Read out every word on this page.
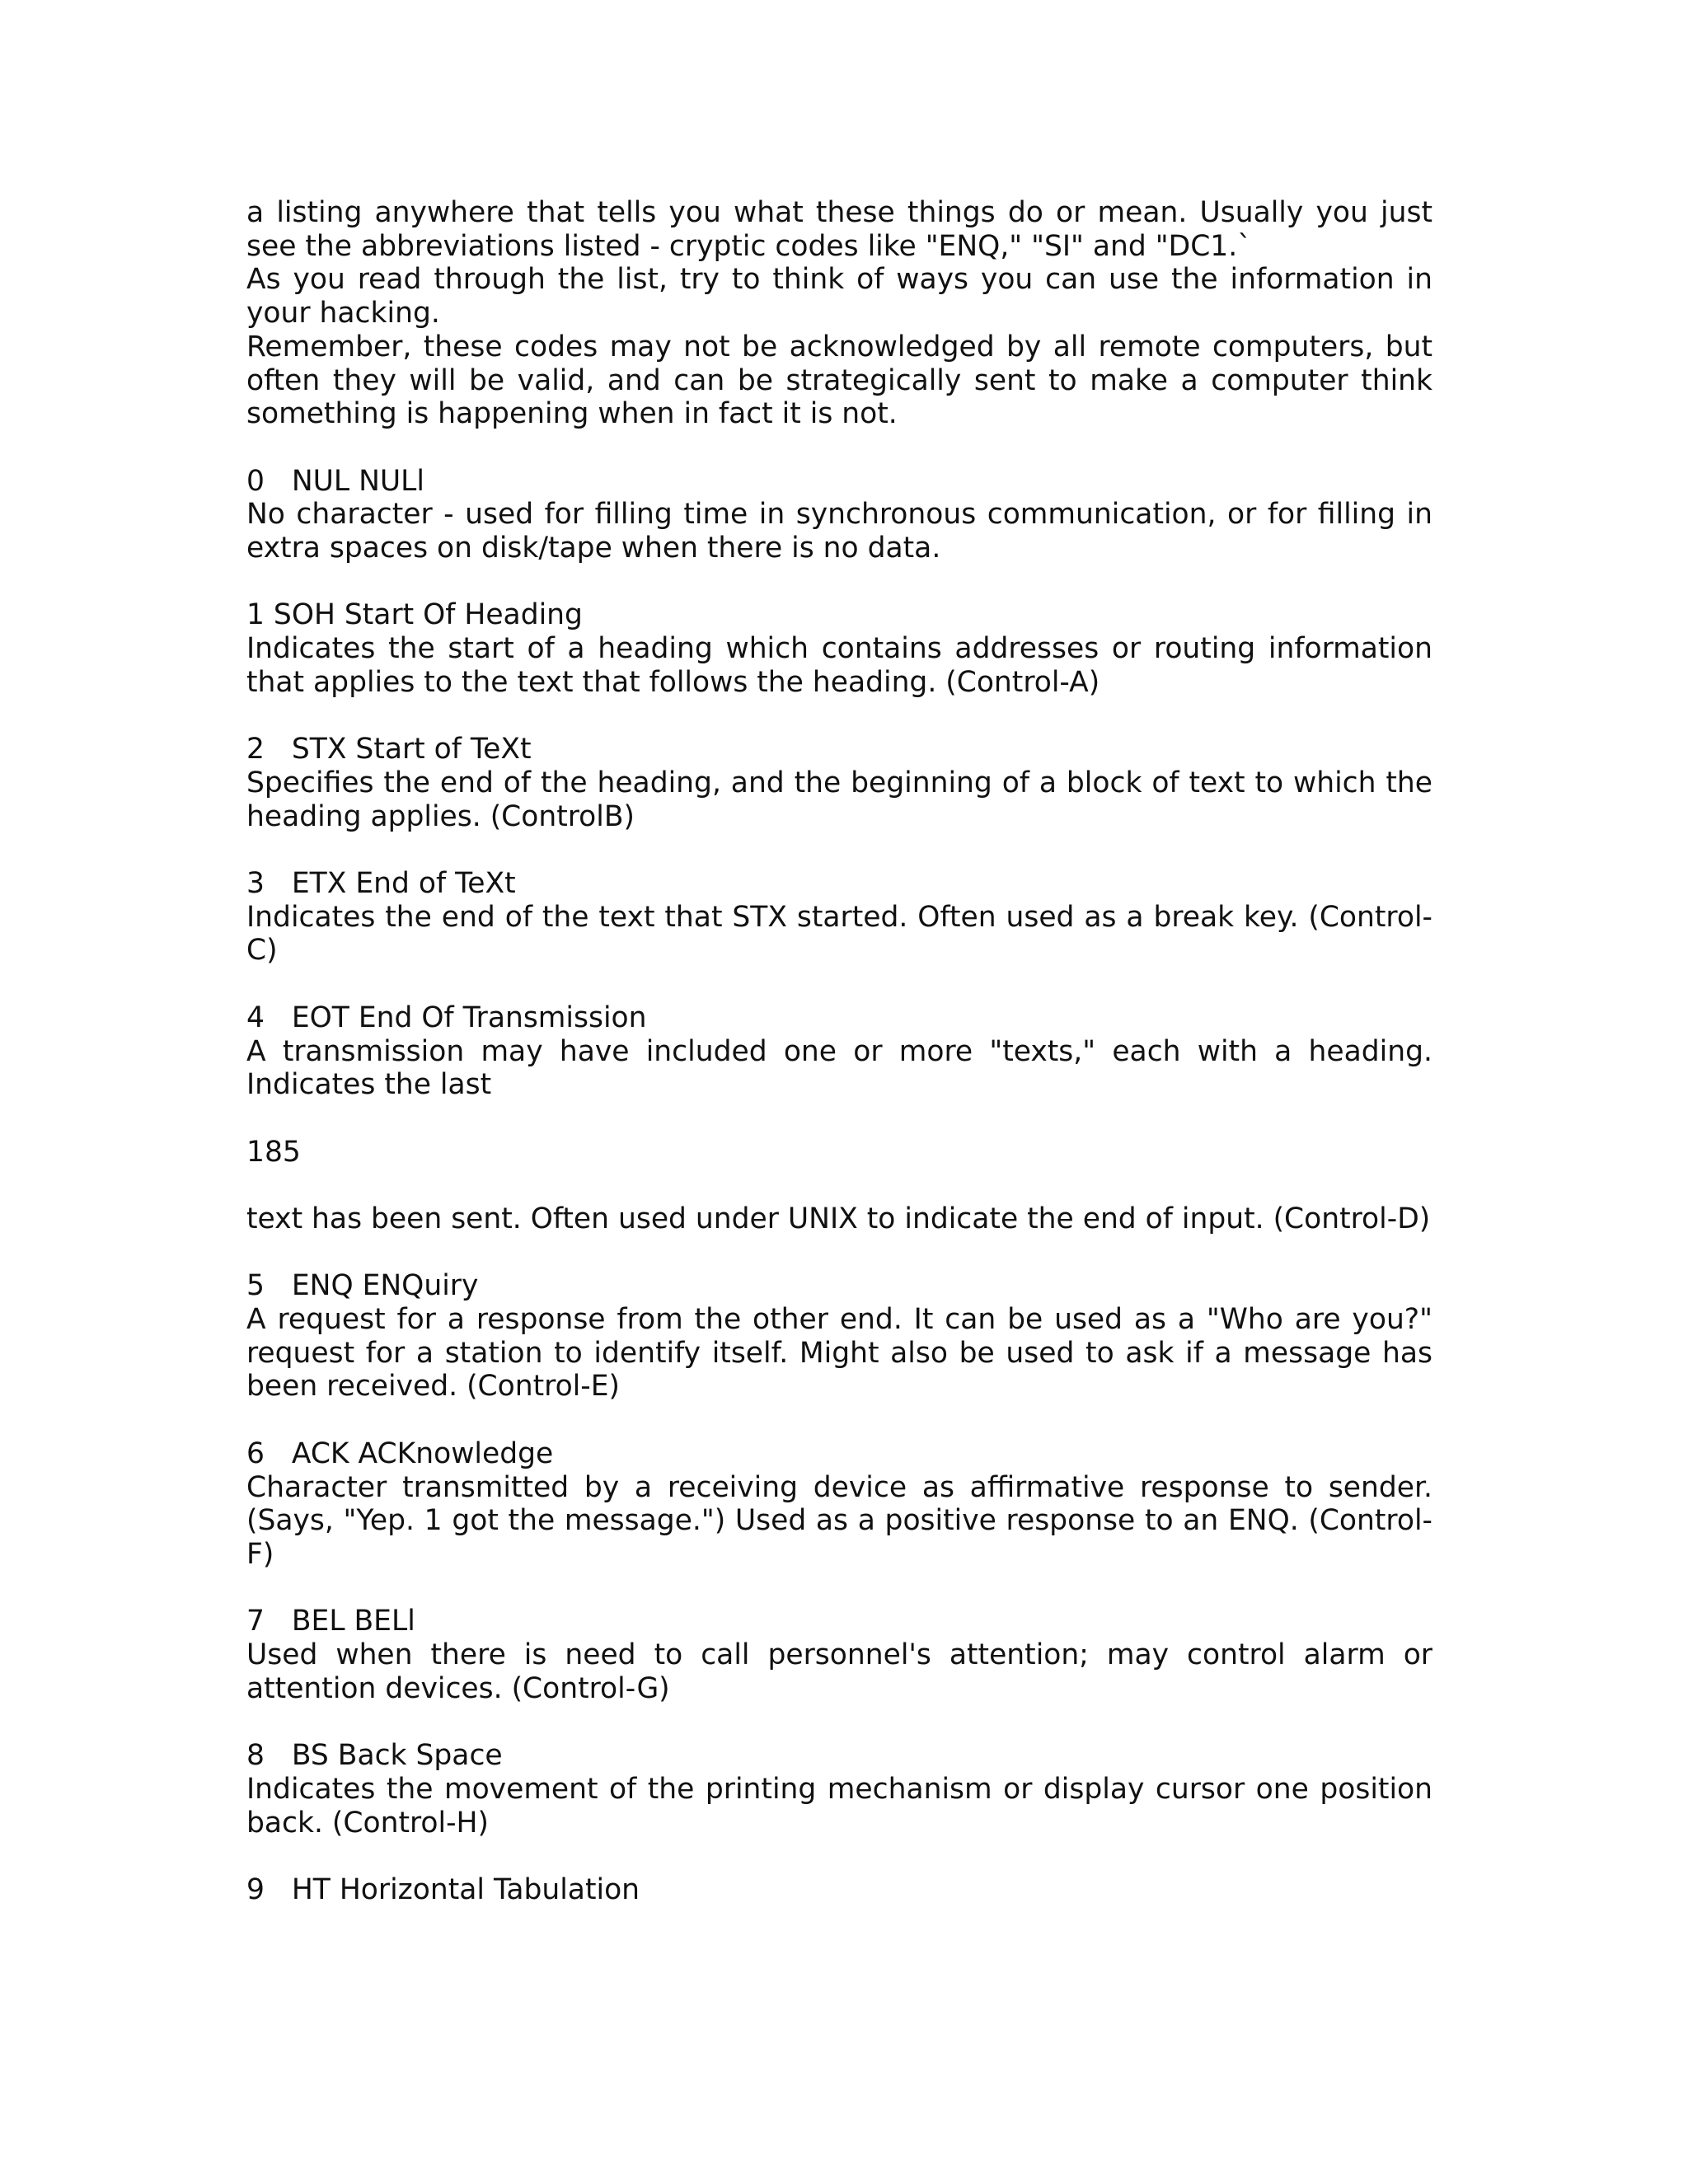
a listing anywhere that tells you what these things do or mean. Usually you just see the abbreviations listed - cryptic codes like "ENQ," "SI" and "DC1.`

As you read through the list, try to think of ways you can use the information in your hacking.

Remember, these codes may not be acknowledged by all remote computers, but often they will be valid, and can be strategically sent to make a computer think something is happening when in fact it is not.

0   NUL NULl

No character - used for filling time in synchronous communication, or for filling in extra spaces on disk/tape when there is no data.

1 SOH Start Of Heading

Indicates the start of a heading which contains addresses or routing information that applies to the text that follows the heading. (Control-A)

2   STX Start of TeXt

Specifies the end of the heading, and the beginning of a block of text to which the heading applies. (ControlB)

3   ETX End of TeXt

Indicates the end of the text that STX started. Often used as a break key. (Control-C)

4   EOT End Of Transmission

A transmission may have included one or more "texts," each with a heading. Indicates the last

185

text has been sent. Often used under UNIX to indicate the end of input. (Control-D)

5   ENQ ENQuiry

A request for a response from the other end. It can be used as a "Who are you?" request for a station to identify itself. Might also be used to ask if a message has been received. (Control-E)

6   ACK ACKnowledge

Character transmitted by a receiving device as affirmative response to sender. (Says, "Yep. 1 got the message.") Used as a positive response to an ENQ. (Control-F)

7   BEL BELl

Used when there is need to call personnel's attention; may control alarm or attention devices. (Control-G)

8   BS Back Space

Indicates the movement of the printing mechanism or display cursor one position back. (Control-H)

9   HT Horizontal Tabulation
